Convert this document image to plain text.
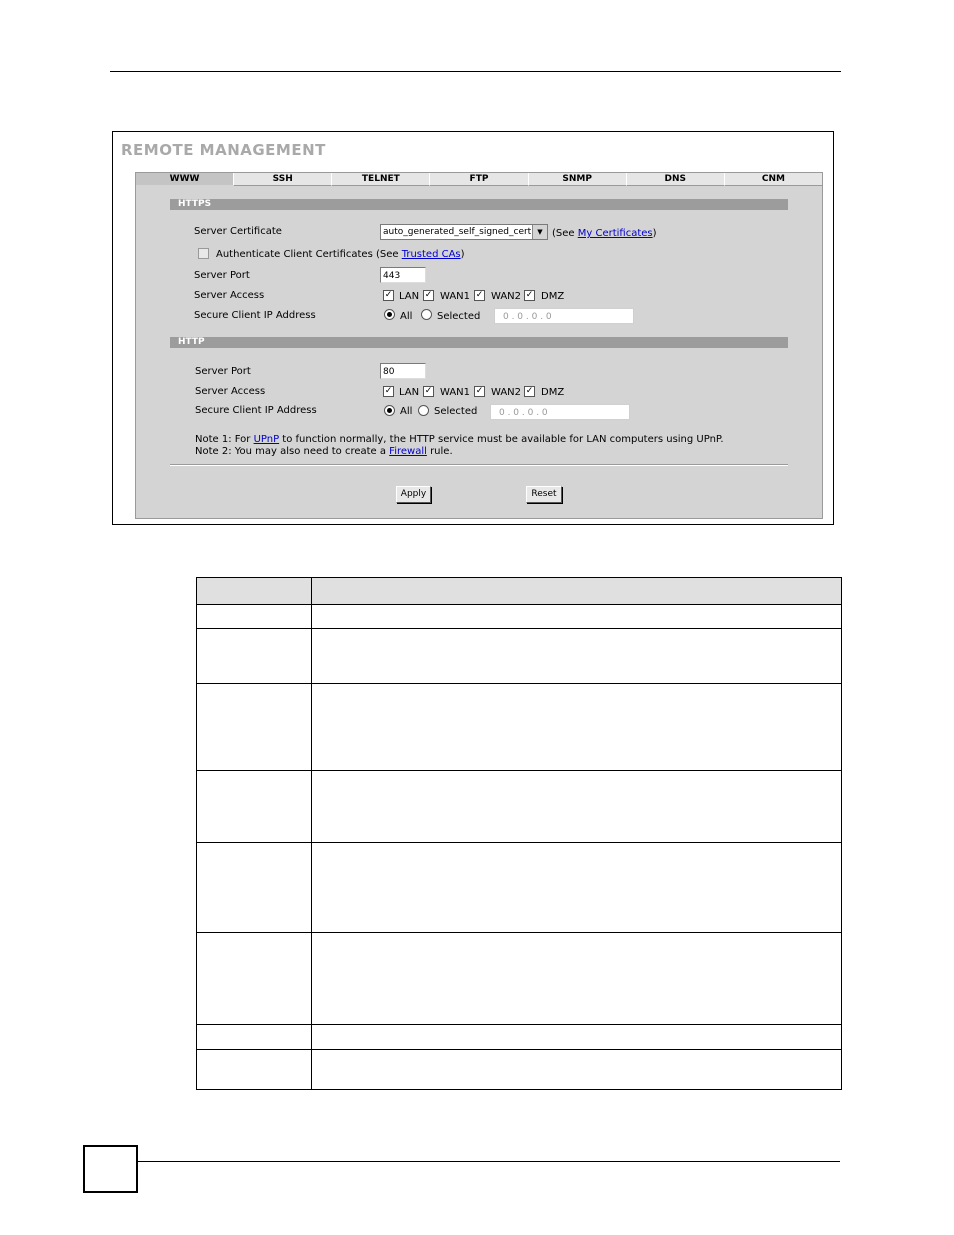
REMOTE MANAGEMENT
WWW	SSH	TELNET	FTP	SNMP	DNS	CNM
HTTPS
Server Certificate	auto_generated_self_signed_cert ▼ (See My Certificates)
Authenticate Client Certificates (See Trusted CAs)
Server Port	443
Server Access	✓ LAN ✓ WAN1 ✓ WAN2 ✓ DMZ
Secure Client IP Address	All Selected	0 . 0 . 0 . 0
HTTP
Server Port	80
Server Access	✓ LAN ✓ WAN1 ✓ WAN2 ✓ DMZ
Secure Client IP Address	All Selected	0 . 0 . 0 . 0
Note 1: For UPnP to function normally, the HTTP service must be available for LAN computers using UPnP.
Note 2: You may also need to create a Firewall rule.
Apply	Reset
